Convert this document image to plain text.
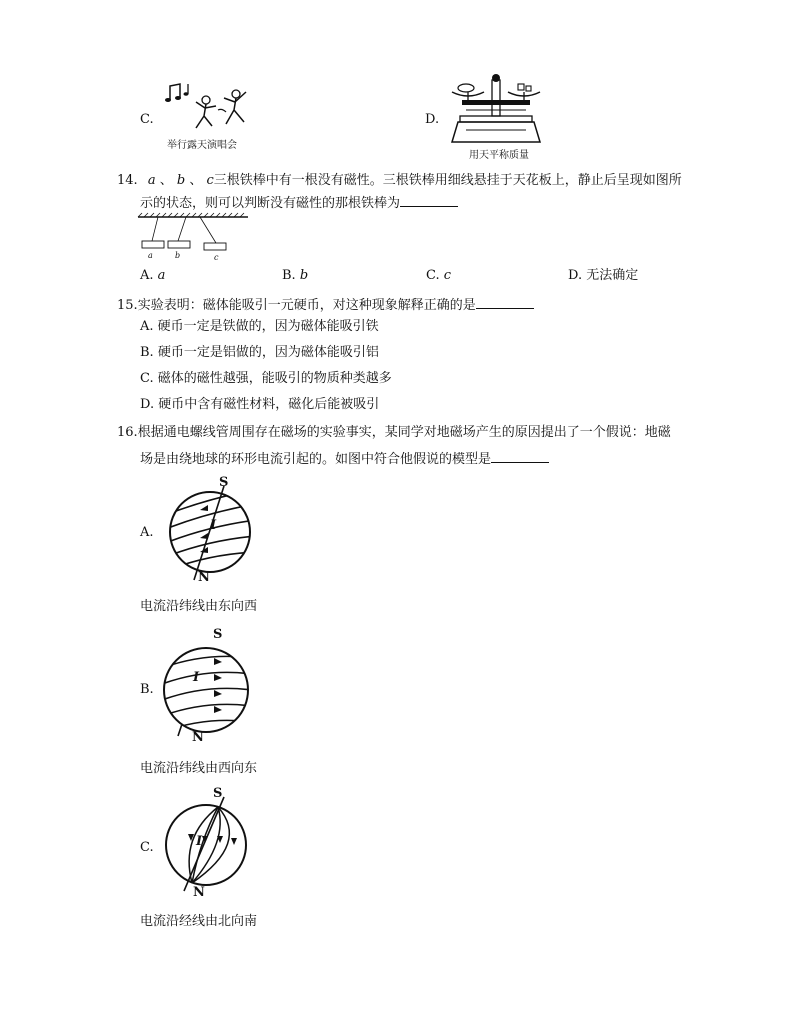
C.
举行露天演唱会
D.
用天平称质量
14. a 、 b 、 c三根铁棒中有一根没有磁性。三根铁棒用细线悬挂于天花板上，静止后呈现如图所
示的状态，则可以判断没有磁性的那根铁棒为
a	b	c
A. a	B. b	C. c	D. 无法确定
15.实验表明：磁体能吸引一元硬币，对这种现象解释正确的是
A. 硬币一定是铁做的，因为磁体能吸引铁
B. 硬币一定是铝做的，因为磁体能吸引铝
C. 磁体的磁性越强，能吸引的物质种类越多
D. 硬币中含有磁性材料，磁化后能被吸引
16.根据通电螺线管周围存在磁场的实验事实，某同学对地磁场产生的原因提出了一个假说：地磁
场是由绕地球的环形电流引起的。如图中符合他假说的模型是
A.	I
S
N
电流沿纬线由东向西
B.
I
S
N
电流沿纬线由西向东
C.	I
S
N
电流沿经线由北向南
